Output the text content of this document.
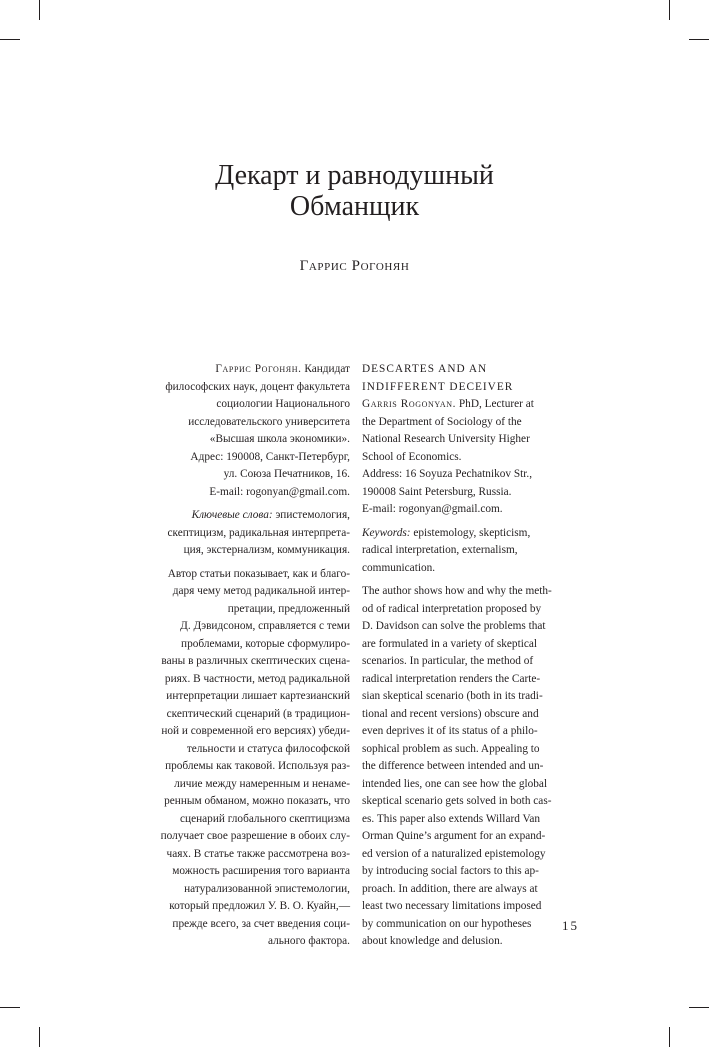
Декарт и равнодушный
Обманщик
Гаррис Рогонян
Гаррис Рогонян. Кандидат
философских наук, доцент факультета
социологии Национального
исследовательского университета
«Высшая школа экономики».
Адрес: 190008, Санкт-Петербург,
ул. Союза Печатников, 16.
E-mail: rogonyan@gmail.com.
Ключевые слова: эпистемология,
скептицизм, радикальная интерпрета-
ция, экстернализм, коммуникация.
Автор статьи показывает, как и благо-
даря чему метод радикальной интер-
претации, предложенный
Д. Дэвидсоном, справляется с теми
проблемами, которые сформулиро-
ваны в различных скептических сцена-
риях. В частности, метод радикальной
интерпретации лишает картезианский
скептический сценарий (в традицион-
ной и современной его версиях) убеди-
тельности и статуса философской
проблемы как таковой. Используя раз-
личие между намеренным и ненаме-
ренным обманом, можно показать, что
сценарий глобального скептицизма
получает свое разрешение в обоих слу-
чаях. В статье также рассмотрена воз-
можность расширения того варианта
натурализованной эпистемологии,
который предложил У. В. О. Куайн,—
прежде всего, за счет введения соци-
ального фактора.
DESCARTES AND AN
INDIFFERENT DECEIVER
Garris Rogonyan. PhD, Lecturer at
the Department of Sociology of the
National Research University Higher
School of Economics.
Address: 16 Soyuza Pechatnikov Str.,
190008 Saint Petersburg, Russia.
E-mail: rogonyan@gmail.com.
Keywords: epistemology, skepticism,
radical interpretation, externalism,
communication.
The author shows how and why the meth-
od of radical interpretation proposed by
D. Davidson can solve the problems that
are formulated in a variety of skeptical
scenarios. In particular, the method of
radical interpretation renders the Carte-
sian skeptical scenario (both in its tradi-
tional and recent versions) obscure and
even deprives it of its status of a philo-
sophical problem as such. Appealing to
the difference between intended and un-
intended lies, one can see how the global
skeptical scenario gets solved in both cas-
es. This paper also extends Willard Van
Orman Quine’s argument for an expand-
ed version of a naturalized epistemology
by introducing social factors to this ap-
proach. In addition, there are always at
least two necessary limitations imposed
by communication on our hypotheses
about knowledge and delusion.
15
